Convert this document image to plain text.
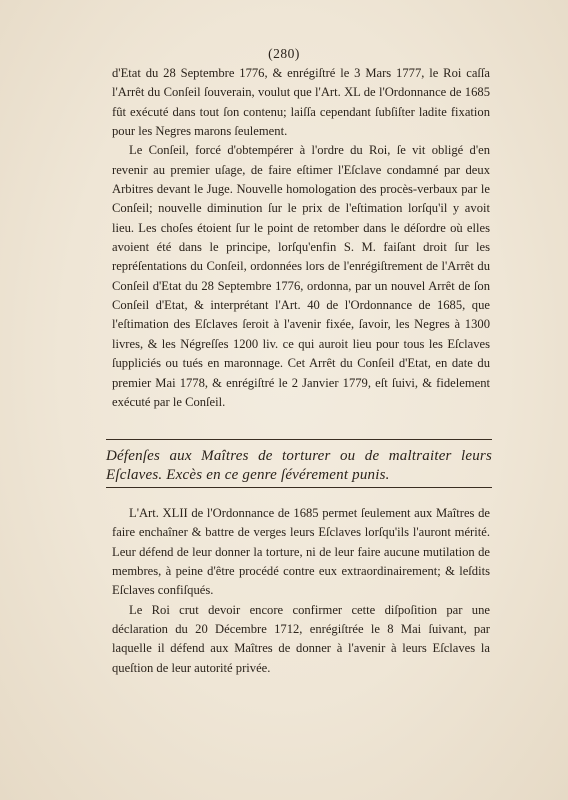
(280)

d'Etat du 28 Septembre 1776, & enrégiſtré le 3 Mars 1777, le Roi caſſa l'Arrêt du Conſeil ſouverain, voulut que l'Art. XL de l'Ordonnance de 1685 fût exécuté dans tout ſon contenu; laiſſa cependant ſubſiſter ladite fixation pour les Negres marons ſeulement.

Le Conſeil, forcé d'obtempérer à l'ordre du Roi, ſe vit obligé d'en revenir au premier uſage, de faire eſtimer l'Eſclave condamné par deux Arbitres devant le Juge. Nouvelle homologation des procès-verbaux par le Conſeil; nouvelle diminution ſur le prix de l'eſtimation lorſqu'il y avoit lieu. Les choſes étoient ſur le point de retomber dans le déſordre où elles avoient été dans le principe, lorſqu'enfin S. M. faiſant droit ſur les repréſentations du Conſeil, ordonnées lors de l'enrégiſtrement de l'Arrêt du Conſeil d'Etat du 28 Septembre 1776, ordonna, par un nouvel Arrêt de ſon Conſeil d'Etat, & interprétant l'Art. 40 de l'Ordonnance de 1685, que l'eſtimation des Eſclaves ſeroit à l'avenir fixée, ſavoir, les Negres à 1300 livres, & les Négreſſes 1200 liv. ce qui auroit lieu pour tous les Eſclaves ſuppliciés ou tués en maronnage. Cet Arrêt du Conſeil d'Etat, en date du premier Mai 1778, & enrégiſtré le 2 Janvier 1779, eſt ſuivi, & fidelement exécuté par le Conſeil.

Défenſes aux Maîtres de torturer ou de maltraiter leurs Eſclaves. Excès en ce genre ſévérement punis.

L'Art. XLII de l'Ordonnance de 1685 permet ſeulement aux Maîtres de faire enchaîner & battre de verges leurs Eſclaves lorſqu'ils l'auront mérité. Leur défend de leur donner la torture, ni de leur faire aucune mutilation de membres, à peine d'être procédé contre eux extraordinairement; & leſdits Eſclaves confiſqués.

Le Roi crut devoir encore confirmer cette diſpoſition par une déclaration du 20 Décembre 1712, enrégiſtrée le 8 Mai ſuivant, par laquelle il défend aux Maîtres de donner à l'avenir à leurs Eſclaves la queſtion de leur autorité privée.
